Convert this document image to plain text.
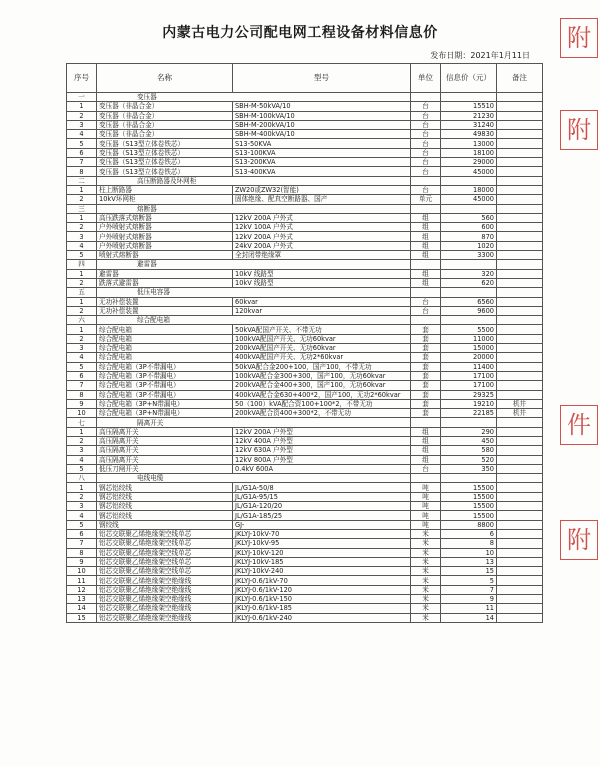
内蒙古电力公司配电网工程设备材料信息价
发布日期：2021年1月11日
序号	名称	型号	单位	信息价（元）	备注
一	变压器				
1	变压器（非晶合金）	SBH-M-50kVA/10	台	15510	
2	变压器（非晶合金）	SBH-M-100kVA/10	台	21230	
3	变压器（非晶合金）	SBH-M-200kVA/10	台	31240	
4	变压器（非晶合金）	SBH-M-400kVA/10	台	49830	
5	变压器（S13型立体卷铁芯）	S13-50KVA	台	13000	
6	变压器（S13型立体卷铁芯）	S13-100KVA	台	18100	
7	变压器（S13型立体卷铁芯）	S13-200KVA	台	29000	
8	变压器（S13型立体卷铁芯）	S13-400KVA	台	45000	
二	高压断路器及环网柜				
1	柱上断路器	ZW20或ZW32(智能)	台	18000	
2	10kV环网柜	固体绝缘、配真空断路器、国产	单元	45000	
三	熔断器				
1	高压跌落式熔断器	12kV 200A 户外式	组	560	
2	户外喷射式熔断器	12kV 100A 户外式	组	600	
3	户外喷射式熔断器	12kV 200A 户外式	组	870	
4	户外喷射式熔断器	24kV 200A 户外式	组	1020	
5	喷射式熔断器	全封闭带绝缘罩	组	3300	
四	避雷器				
1	避雷器	10kV 线路型	组	320	
2	跌落式避雷器	10kV 线路型	组	620	
五	低压电容器				
1	无功补偿装置	60kvar	台	6560	
2	无功补偿装置	120kvar	台	9600	
六	综合配电箱				
1	综合配电箱	50kVA配国产开关、不带无功	套	5500	
2	综合配电箱	100kVA配国产开关、无功60kvar	套	11000	
3	综合配电箱	200kVA配国产开关、无功60kvar	套	15000	
4	综合配电箱	400kVA配国产开关、无功2*60kvar	套	20000	
5	综合配电箱（3P不带漏电）	50kVA配合金200+100，国产100，不带无功	套	11400	
6	综合配电箱（3P不带漏电）	100kVA配合金300+300，国产100，无功60kvar	套	17100	
7	综合配电箱（3P不带漏电）	200kVA配合金400+300，国产100，无功60kvar	套	17100	
8	综合配电箱（3P不带漏电）	400kVA配合金630+400*2，国产100，无功2*60kvar	套	29325	
9	综合配电箱（3P+N带漏电）	50（100）kVA配合资100+100*2，不带无功	套	19210	机井
10	综合配电箱（3P+N带漏电）	200kVA配合资400+300*2，不带无功	套	22185	机井
七	隔离开关				
1	高压隔离开关	12kV 200A 户外型	组	290	
2	高压隔离开关	12kV 400A 户外型	组	450	
3	高压隔离开关	12kV 630A 户外型	组	580	
4	高压隔离开关	12kV 800A 户外型	组	520	
5	低压刀闸开关	0.4kV 600A	台	350	
八	电线电缆				
1	钢芯铝绞线	JL/G1A-50/8	吨	15500	
2	钢芯铝绞线	JL/G1A-95/15	吨	15500	
3	钢芯铝绞线	JL/G1A-120/20	吨	15500	
4	钢芯铝绞线	JL/G1A-185/25	吨	15500	
5	钢绞线	GJ-	吨	8800	
6	铝芯交联聚乙烯绝缘架空线单芯	JKLYJ-10kV-70	米	6	
7	铝芯交联聚乙烯绝缘架空线单芯	JKLYJ-10kV-95	米	8	
8	铝芯交联聚乙烯绝缘架空线单芯	JKLYJ-10kV-120	米	10	
9	铝芯交联聚乙烯绝缘架空线单芯	JKLYJ-10kV-185	米	13	
10	铝芯交联聚乙烯绝缘架空线单芯	JKLYJ-10kV-240	米	15	
11	铝芯交联聚乙烯绝缘架空绝缘线	JKLYJ-0.6/1kV-70	米	5	
12	铝芯交联聚乙烯绝缘架空绝缘线	JKLYJ-0.6/1kV-120	米	7	
13	铝芯交联聚乙烯绝缘架空绝缘线	JKLYJ-0.6/1kV-150	米	9	
14	铝芯交联聚乙烯绝缘架空绝缘线	JKLYJ-0.6/1kV-185	米	11	
15	铝芯交联聚乙烯绝缘架空绝缘线	JKLYJ-0.6/1kV-240	米	14	
附
附
件
附
